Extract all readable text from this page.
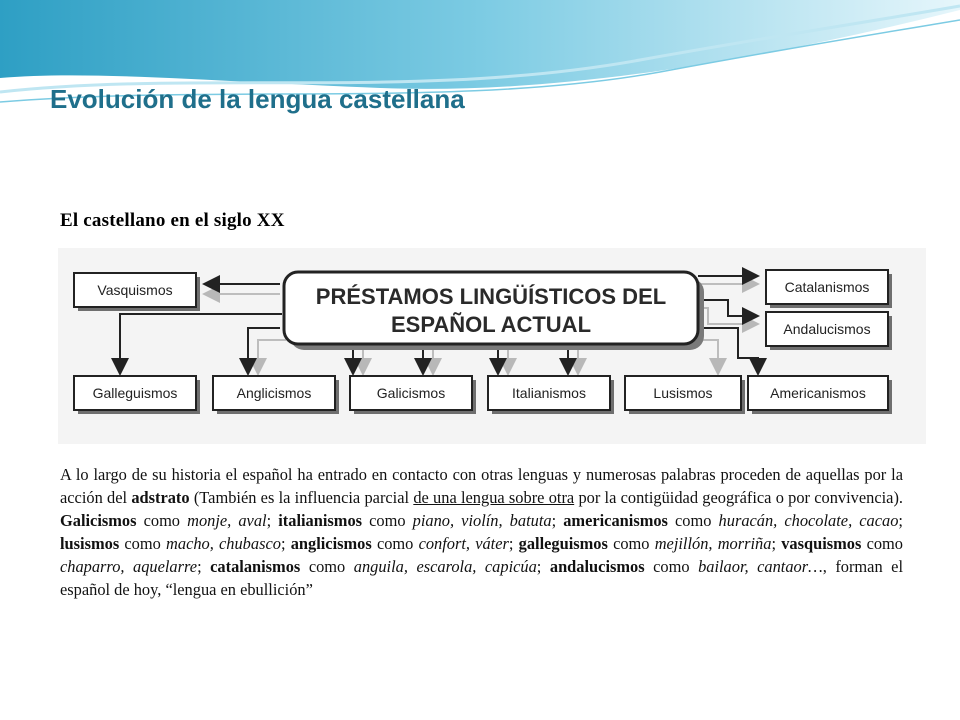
Evolución de la lengua castellana
El castellano en el siglo XX
PRÉSTAMOS LINGÜÍSTICOS DEL
ESPAÑOL ACTUAL
Vasquismos	Catalanismos
Andalucismos
Galleguismos	Anglicismos	Galicismos	Italianismos	Lusismos	Americanismos
A lo largo de su historia el español ha entrado en contacto con otras lenguas y numerosas palabras proceden de aquellas por la acción del adstrato (También es la influencia parcial de una lengua sobre otra por la contigüidad geográfica o por convivencia). Galicismos como monje, aval; italianismos como piano, violín, batuta; americanismos como huracán, chocolate, cacao; lusismos como macho, chubasco; anglicismos como confort, váter; galleguismos como mejillón, morriña; vasquismos como chaparro, aquelarre; catalanismos como anguila, escarola, capicúa; andalucismos como bailaor, cantaor…, forman el español de hoy, “lengua en ebullición”
